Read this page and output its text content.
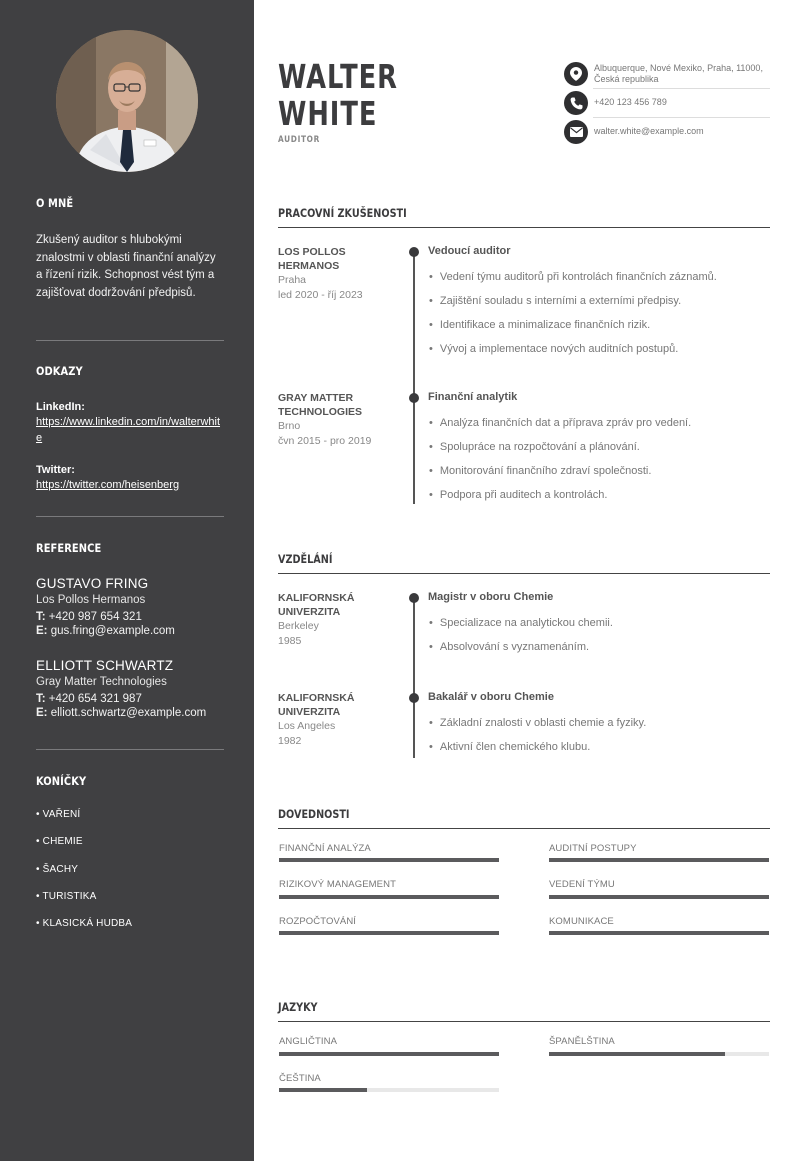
O MNĚ
Zkušený auditor s hlubokými znalostmi v oblasti finanční analýzy a řízení rizik. Schopnost vést tým a zajišťovat dodržování předpisů.
ODKAZY
LinkedIn:
https://www.linkedin.com/in/walterwhite
Twitter:
https://twitter.com/heisenberg
REFERENCE
GUSTAVO FRING
Los Pollos Hermanos
T: +420 987 654 321
E: gus.fring@example.com
ELLIOTT SCHWARTZ
Gray Matter Technologies
T: +420 654 321 987
E: elliott.schwartz@example.com
KONÍČKY
• VAŘENÍ
• CHEMIE
• ŠACHY
• TURISTIKA
• KLASICKÁ HUDBA
WALTER
WHITE
AUDITOR
Albuquerque, Nové Mexiko, Praha, 11000, Česká republika
+420 123 456 789
walter.white@example.com
PRACOVNÍ ZKUŠENOSTI
LOS POLLOS HERMANOS
Praha
led 2020 - říj 2023
Vedoucí auditor
• Vedení týmu auditorů při kontrolách finančních záznamů.
• Zajištění souladu s interními a externími předpisy.
• Identifikace a minimalizace finančních rizik.
• Vývoj a implementace nových auditních postupů.
GRAY MATTER TECHNOLOGIES
Brno
čvn 2015 - pro 2019
Finanční analytik
• Analýza finančních dat a příprava zpráv pro vedení.
• Spolupráce na rozpočtování a plánování.
• Monitorování finančního zdraví společnosti.
• Podpora při auditech a kontrolách.
VZDĚLÁNÍ
KALIFORNSKÁ UNIVERZITA
Berkeley
1985
Magistr v oboru Chemie
• Specializace na analytickou chemii.
• Absolvování s vyznamenáním.
KALIFORNSKÁ UNIVERZITA
Los Angeles
1982
Bakalář v oboru Chemie
• Základní znalosti v oblasti chemie a fyziky.
• Aktivní člen chemického klubu.
DOVEDNOSTI
FINANČNÍ ANALÝZA	AUDITNÍ POSTUPY
RIZIKOVÝ MANAGEMENT	VEDENÍ TÝMU
ROZPOČTOVÁNÍ	KOMUNIKACE
JAZYKY
ANGLIČTINA	ŠPANĚLŠTINA
ČEŠTINA
